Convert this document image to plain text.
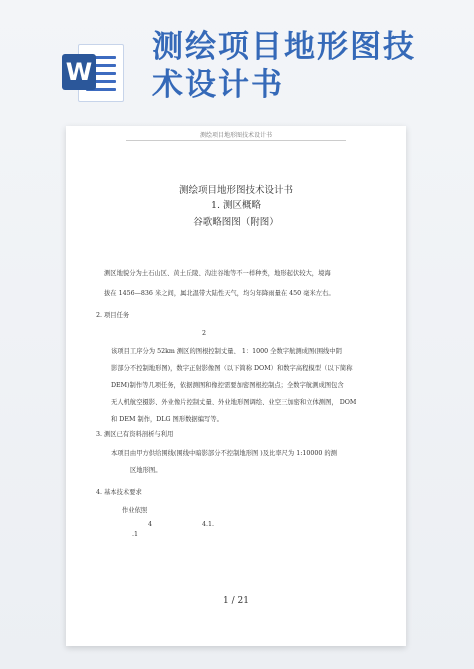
W
测绘项目地形图技
术设计书
测绘项目地形图技术设计书
测绘项目地形图技术设计书
1. 测区概略
谷歌略图图（附图）
测区地貌分为土石山区、黄土丘陵、沟注谷地等不一样种类，地形起伏较大，境海
拔在 1456—836 米之间，属北温带大陆性天气，均匀年降雨量在 450 毫米左右。
2. 项目任务
2
该项目工序分为 52km 测区的图根控制丈量、 1：1000 全数字航测成图(围线中阴
影部分不控制地形图)，数字正射影像图（以下简称 DOM）和数字高程模型（以下简称
DEM)制作等几项任务，依据测图和像控需要加密图根控制点；全数字航测成图包含
无人机航空摄影、外业像片控制丈量、外业地形图调绘、业空三加密和立体测图， DOM
和 DEM 制作，DLG 图形数据编写等。
3. 测区已有资料剖析与利用
本项目由甲方供给围线(围线中暗影部分不控制地形图 )及比率尺为 1:10000 的测
区地形图。
4. 基本技术要求
作业依照
4	4.1.
.1
1 / 21
